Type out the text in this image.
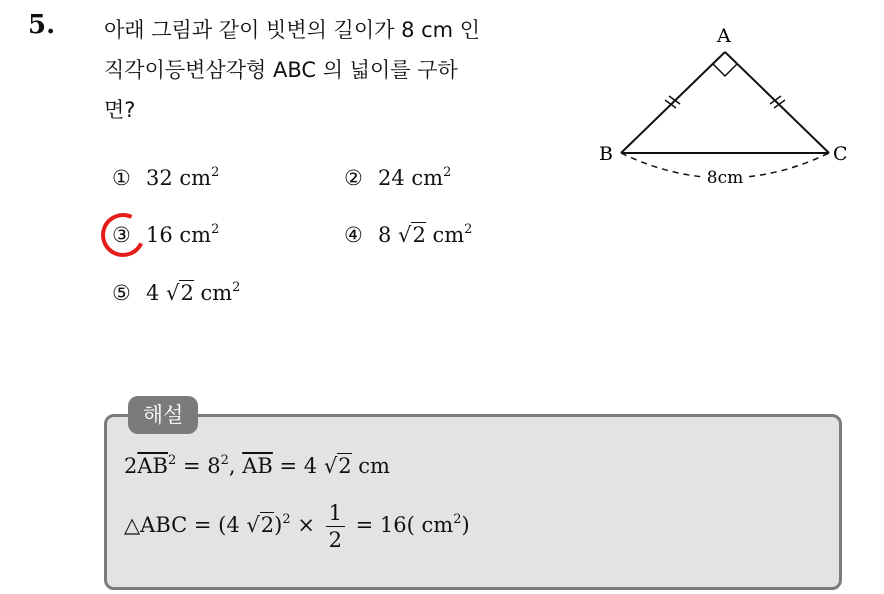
5. 아래 그림과 같이 빗변의 길이가 8 cm 인
직각이등변삼각형 ABC 의 넓이를 구하
면?
① 32 $cm^2$	② 24 $cm^2$
③ 16 $cm^2$	④ 8 √2 $cm^2$
⑤ 4 √2 $cm^2$
A
B	C
8cm
해설
$2\overline{AB}^2 = 8^2$, $\overline{AB} = 4$ √2 cm
△ABC = (4 $√2)^2 \times \frac{1}{2} = 16$( $cm^2$)
